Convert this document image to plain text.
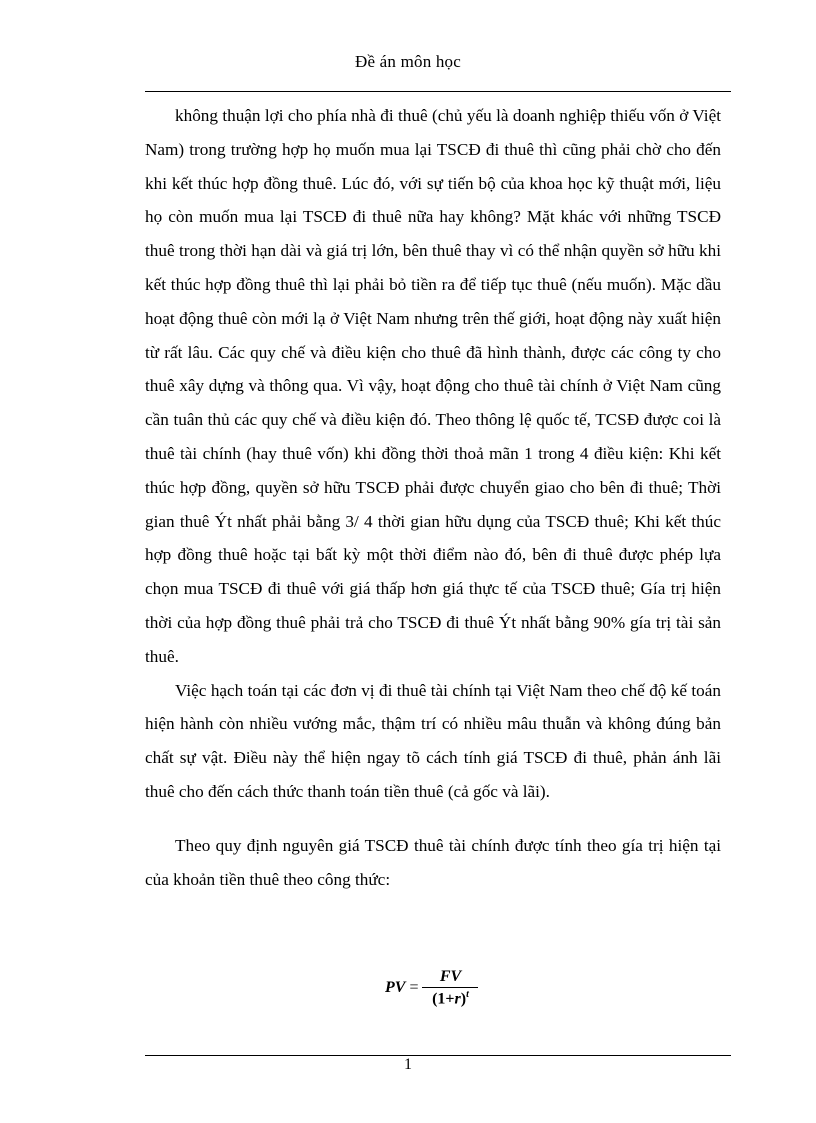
Đề án môn học

không thuận lợi cho phía nhà đi thuê (chủ yếu là doanh nghiệp thiếu vốn ở Việt Nam) trong trường hợp họ muốn mua lại TSCĐ đi thuê thì cũng phải chờ cho đến khi kết thúc hợp đồng thuê. Lúc đó, với sự tiến bộ của khoa học kỹ thuật mới, liệu họ còn muốn mua lại TSCĐ đi thuê nữa hay không? Mặt khác với những TSCĐ thuê trong thời hạn dài và giá trị lớn, bên thuê thay vì có thể nhận quyền sở hữu khi kết thúc hợp đồng thuê thì lại phải bỏ tiền ra để tiếp tục thuê (nếu muốn). Mặc dầu hoạt động thuê còn mới lạ ở Việt Nam nhưng trên thế giới, hoạt động này xuất hiện từ rất lâu. Các quy chế và điều kiện cho thuê đã hình thành, được các công ty cho thuê xây dựng và thông qua. Vì vậy, hoạt động cho thuê tài chính ở Việt Nam cũng cần tuân thủ các quy chế và điều kiện đó. Theo thông lệ quốc tế, TCSĐ được coi là thuê tài chính (hay thuê vốn) khi đồng thời thoả mãn 1 trong 4 điều kiện: Khi kết thúc hợp đồng, quyền sở hữu TSCĐ phải được chuyển giao cho bên đi thuê; Thời gian thuê Ýt nhất phải bằng 3/ 4 thời gian hữu dụng của TSCĐ thuê; Khi kết thúc hợp đồng thuê hoặc tại bất kỳ một thời điểm nào đó, bên đi thuê được phép lựa chọn mua TSCĐ đi thuê với giá thấp hơn giá thực tế của TSCĐ thuê; Gía trị hiện thời của hợp đồng thuê phải trả cho TSCĐ đi thuê Ýt nhất bằng 90% gía trị tài sản thuê.

Việc hạch toán tại các đơn vị đi thuê tài chính tại Việt Nam theo chế độ kế toán hiện hành còn nhiều vướng mắc, thậm trí có nhiều mâu thuẫn và không đúng bản chất sự vật. Điều này thể hiện ngay tõ cách tính giá TSCĐ đi thuê, phản ánh lãi thuê cho đến cách thức thanh toán tiền thuê (cả gốc và lãi).

Theo quy định nguyên giá TSCĐ thuê tài chính được tính theo gía trị hiện tại của khoản tiền thuê theo công thức:

PV = $\frac{FV}{(1+r)^t}$
1
